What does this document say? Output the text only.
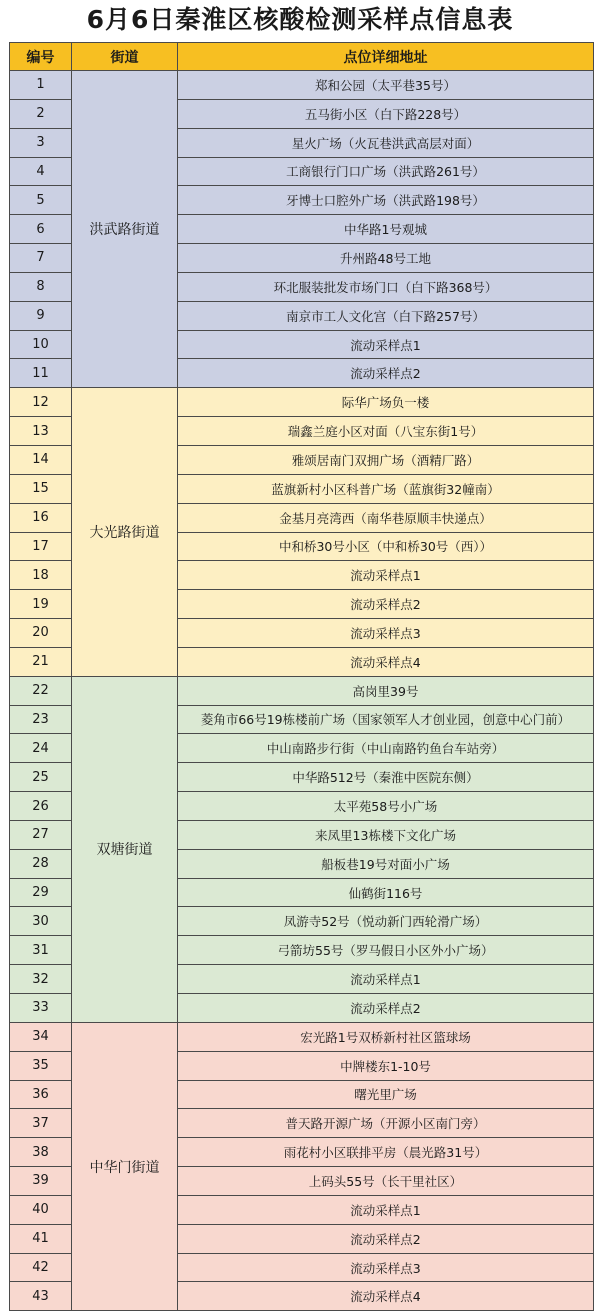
6月6日秦淮区核酸检测采样点信息表
编号	街道	点位详细地址
1	洪武路街道	郑和公园（太平巷35号）
2		五马街小区（白下路228号）
3		星火广场（火瓦巷洪武高层对面）
4		工商银行门口广场（洪武路261号）
5		牙博士口腔外广场（洪武路198号）
6		中华路1号观城
7		升州路48号工地
8		环北服装批发市场门口（白下路368号）
9		南京市工人文化宫（白下路257号）
10		流动采样点1
11		流动采样点2
12	大光路街道	际华广场负一楼
13		瑞鑫兰庭小区对面（八宝东街1号）
14		雅颂居南门双拥广场（酒精厂路）
15		蓝旗新村小区科普广场（蓝旗街32幢南）
16		金基月亮湾西（南华巷原顺丰快递点）
17		中和桥30号小区（中和桥30号（西））
18		流动采样点1
19		流动采样点2
20		流动采样点3
21		流动采样点4
22	双塘街道	高岗里39号
23		菱角市66号19栋楼前广场（国家领军人才创业园，创意中心门前）
24		中山南路步行街（中山南路钓鱼台车站旁）
25		中华路512号（秦淮中医院东侧）
26		太平苑58号小广场
27		来凤里13栋楼下文化广场
28		船板巷19号对面小广场
29		仙鹤街116号
30		凤游寺52号（悦动新门西轮滑广场）
31		弓箭坊55号（罗马假日小区外小广场）
32		流动采样点1
33		流动采样点2
34	中华门街道	宏光路1号双桥新村社区篮球场
35		中牌楼东1-10号
36		曙光里广场
37		普天路开源广场（开源小区南门旁）
38		雨花村小区联排平房（晨光路31号）
39		上码头55号（长干里社区）
40		流动采样点1
41		流动采样点2
42		流动采样点3
43		流动采样点4
